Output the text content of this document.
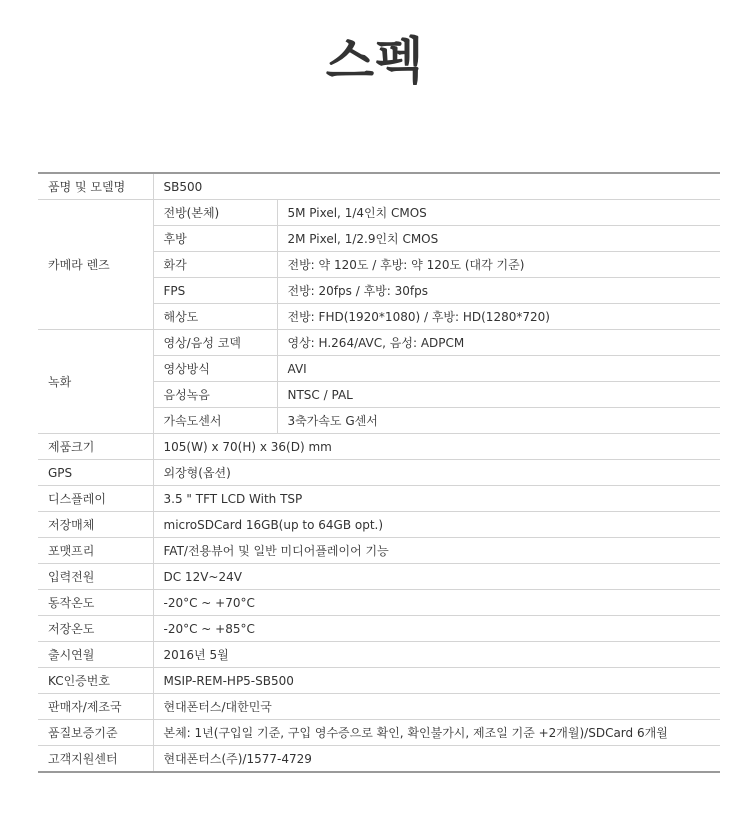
스펙
품명 및 모델명	SB500	
카메라 렌즈	전방(본체)	5M Pixel, 1/4인치 CMOS
	후방	2M Pixel, 1/2.9인치 CMOS
	화각	전방: 약 120도 / 후방: 약 120도 (대각 기준)
	FPS	전방: 20fps / 후방: 30fps
	해상도	전방: FHD(1920*1080) / 후방: HD(1280*720)
녹화	영상/음성 코덱	영상: H.264/AVC, 음성: ADPCM
	영상방식	AVI
	음성녹음	NTSC / PAL
	가속도센서	3축가속도 G센서
제품크기	105(W) x 70(H) x 36(D) mm	
GPS	외장형(옵션)	
디스플레이	3.5 " TFT LCD With TSP	
저장매체	microSDCard 16GB(up to 64GB opt.)	
포맷프리	FAT/전용뷰어 및 일반 미디어플레이어 기능	
입력전원	DC 12V~24V	
동작온도	-20°C ~ +70°C	
저장온도	-20°C ~ +85°C	
출시연월	2016년 5월	
KC인증번호	MSIP-REM-HP5-SB500	
판매자/제조국	현대폰터스/대한민국	
품질보증기준	본체: 1년(구입일 기준, 구입 영수증으로 확인, 확인불가시, 제조일 기준 +2개월)/SDCard 6개월	
고객지원센터	현대폰터스(주)/1577-4729	
